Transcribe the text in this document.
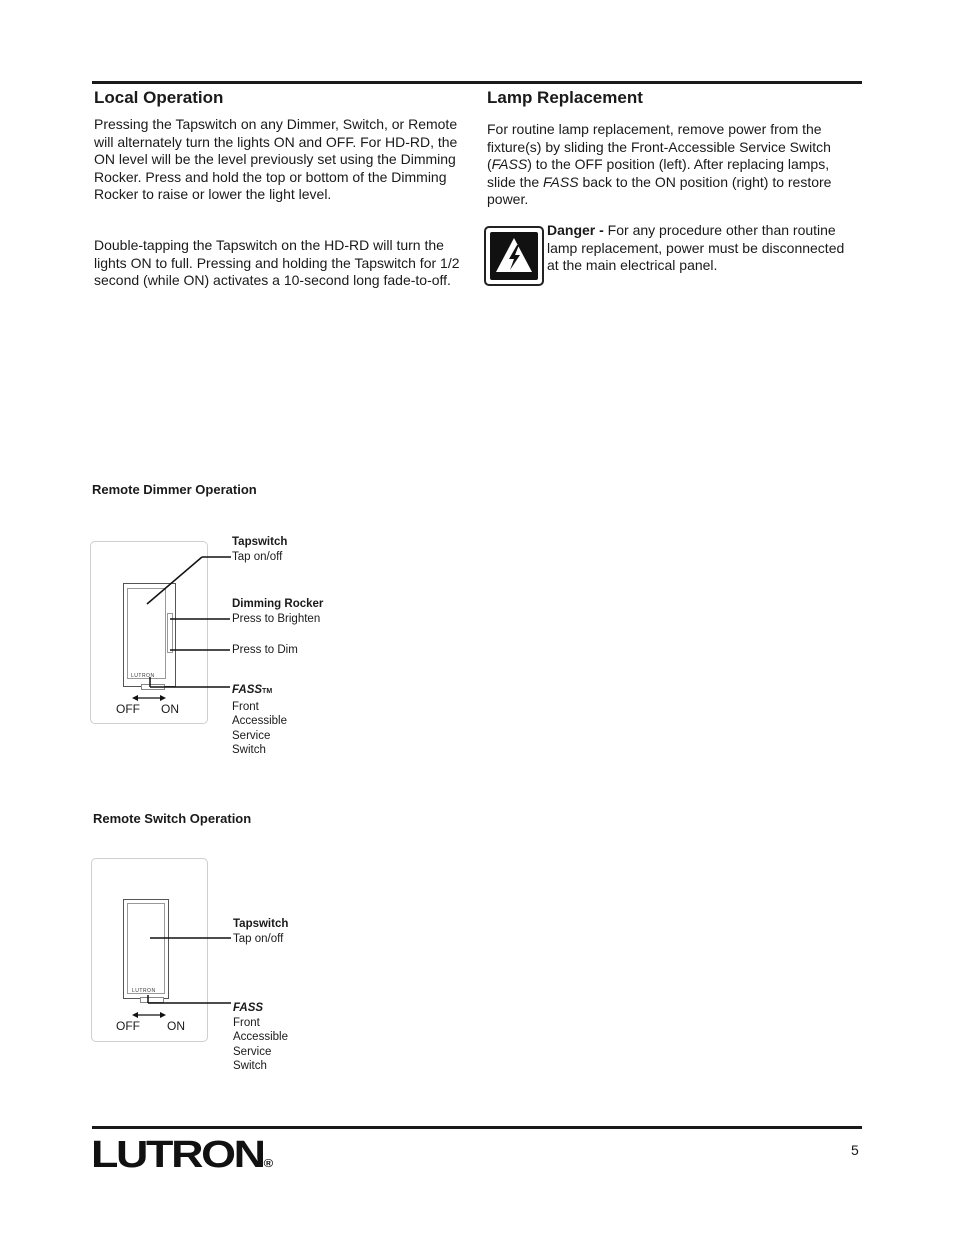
Local Operation

Pressing the Tapswitch on any Dimmer, Switch, or Remote will alternately turn the lights ON and OFF. For HD-RD, the ON level will be the level previously set using the Dimming Rocker. Press and hold the top or bottom of the Dimming Rocker to raise or lower the light level.

Double-tapping the Tapswitch on the HD-RD will turn the lights ON to full. Pressing and holding the Tapswitch for 1/2 second (while ON) activates a 10-second long fade-to-off.

Lamp Replacement

For routine lamp replacement, remove power from the fixture(s) by sliding the Front-Accessible Service Switch (FASS) to the OFF position (left). After replacing lamps, slide the FASS back to the ON position (right) to restore power.

Danger - For any procedure other than routine lamp replacement, power must be disconnected at the main electrical panel.

Remote Dimmer Operation
LUTRON
OFF ON
Tapswitch
Tap on/off
Dimming Rocker
Press to Brighten
Press to Dim
FASSTM
Front
Accessible
Service
Switch
Remote Switch Operation
LUTRON
OFF ON
Tapswitch
Tap on/off
FASS
Front
Accessible
Service
Switch
LUTRON®
5
